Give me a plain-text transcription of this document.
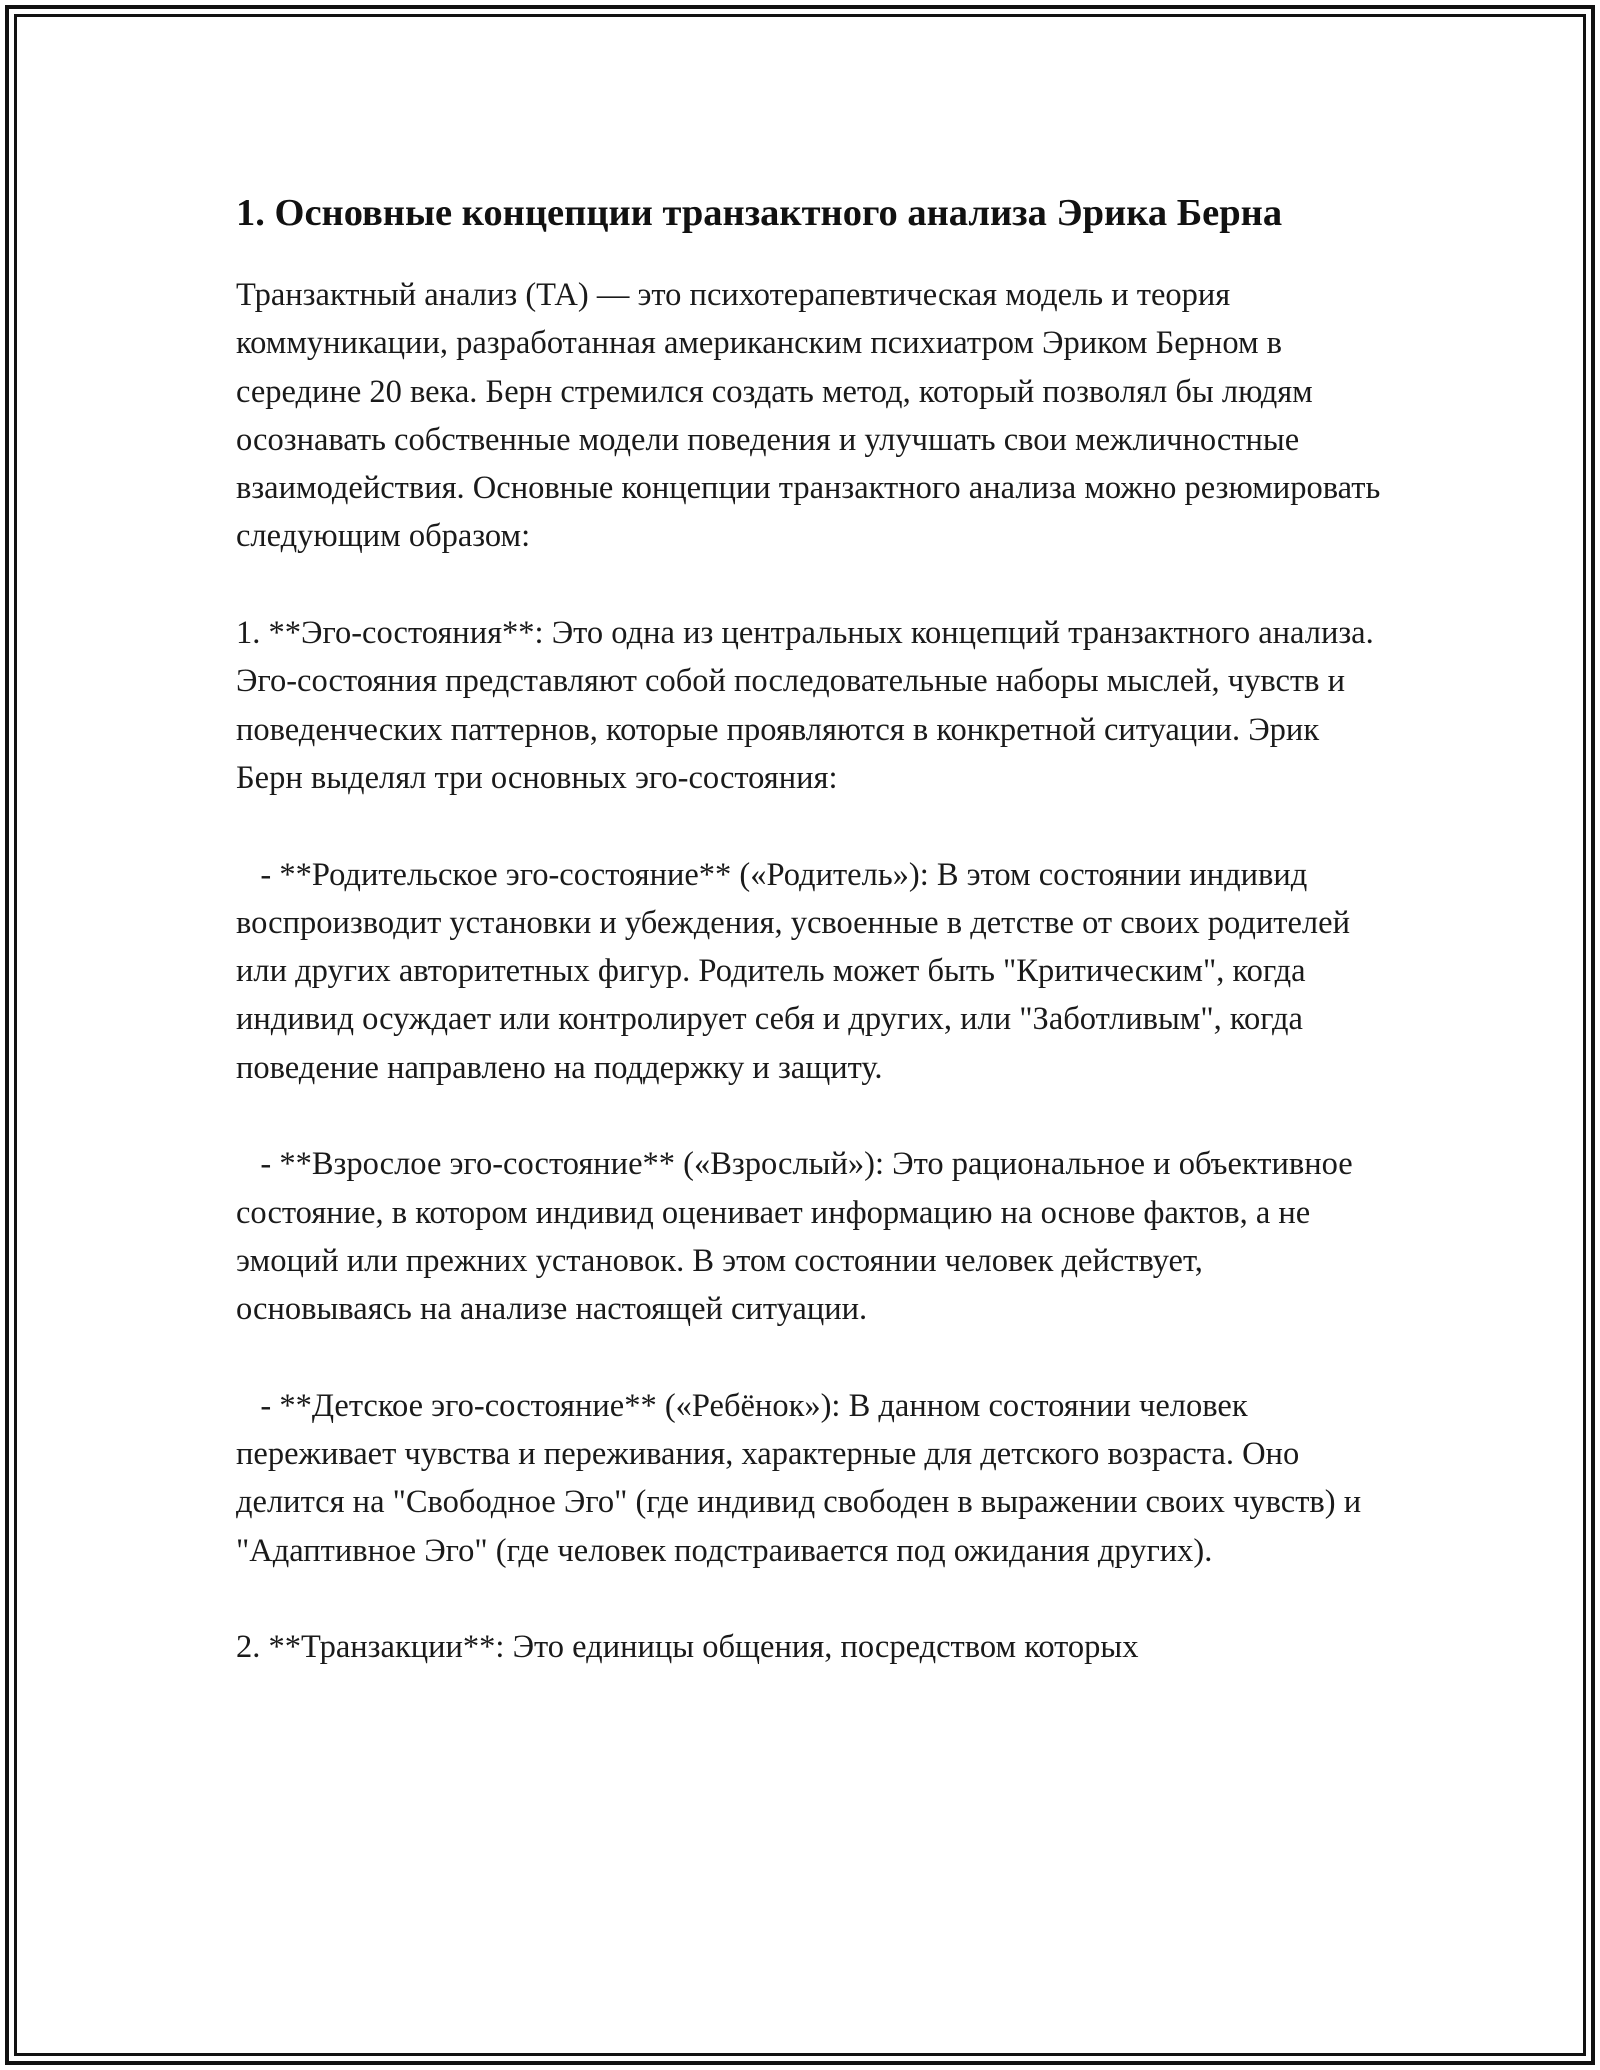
1. Основные концепции транзактного анализа Эрика Берна

Транзактный анализ (ТА) — это психотерапевтическая модель и теория коммуникации, разработанная американским психиатром Эриком Берном в середине 20 века. Берн стремился создать метод, который позволял бы людям осознавать собственные модели поведения и улучшать свои межличностные взаимодействия. Основные концепции транзактного анализа можно резюмировать следующим образом:

1. **Эго-состояния**: Это одна из центральных концепций транзактного анализа. Эго-состояния представляют собой последовательные наборы мыслей, чувств и поведенческих паттернов, которые проявляются в конкретной ситуации. Эрик Берн выделял три основных эго-состояния:

- **Родительское эго-состояние** («Родитель»): В этом состоянии индивид воспроизводит установки и убеждения, усвоенные в детстве от своих родителей или других авторитетных фигур. Родитель может быть "Критическим", когда индивид осуждает или контролирует себя и других, или "Заботливым", когда поведение направлено на поддержку и защиту.

- **Взрослое эго-состояние** («Взрослый»): Это рациональное и объективное состояние, в котором индивид оценивает информацию на основе фактов, а не эмоций или прежних установок. В этом состоянии человек действует, основываясь на анализе настоящей ситуации.

- **Детское эго-состояние** («Ребёнок»): В данном состоянии человек переживает чувства и переживания, характерные для детского возраста. Оно делится на "Свободное Эго" (где индивид свободен в выражении своих чувств) и "Адаптивное Эго" (где человек подстраивается под ожидания других).

2. **Транзакции**: Это единицы общения, посредством которых
